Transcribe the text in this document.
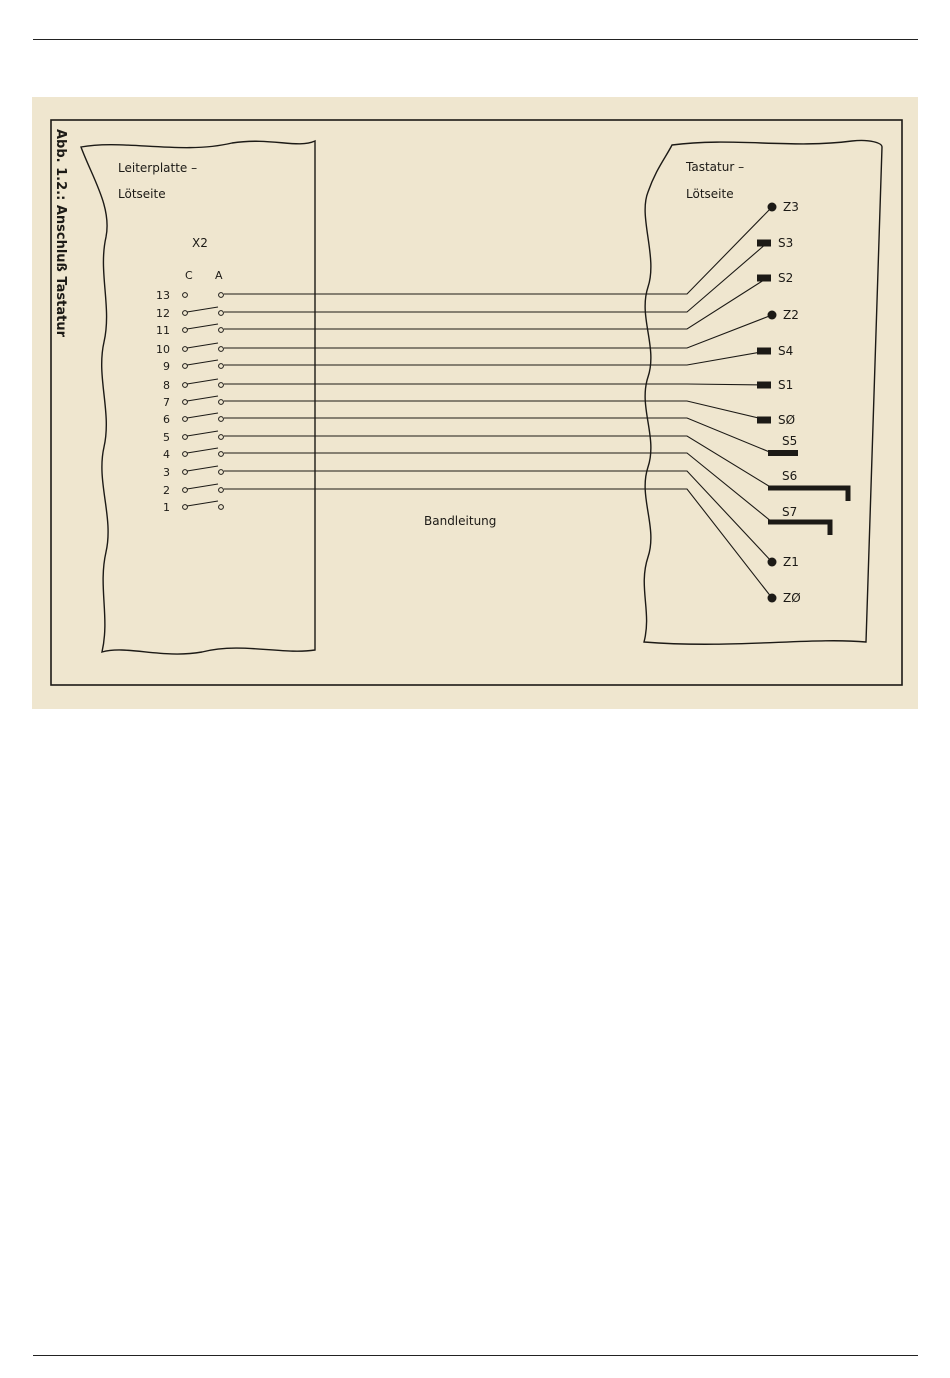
Abb. 1.2.: Anschluß Tastatur	Leiterplatte –
Lötseite
X2
C A
Tastatur –
Lötseite
Bandleitung
13
12
11
10
9
8
7
6
5
4
3
2
1
Z3
S3
S2
Z2
S4
S1
SØ
S5
S6
S7
Z1
ZØ
